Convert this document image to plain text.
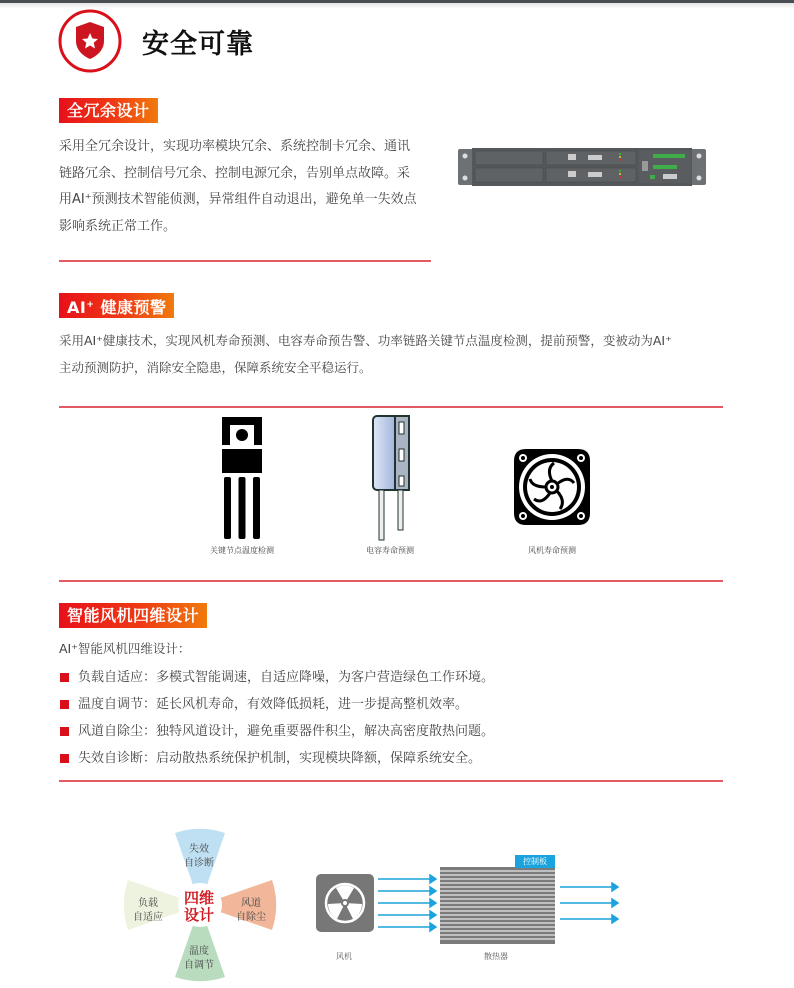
安全可靠
全冗余设计
采用全冗余设计，实现功率模块冗余、系统控制卡冗余、通讯
链路冗余、控制信号冗余、控制电源冗余，告别单点故障。采
用AI⁺预测技术智能侦测，异常组件自动退出，避免单一失效点
影响系统正常工作。
AI+ 健康预警
采用AI⁺健康技术，实现风机寿命预测、电容寿命预告警、功率链路关键节点温度检测，提前预警，变被动为AI⁺
主动预测防护，消除安全隐患，保障系统安全平稳运行。
关键节点温度检测	电容寿命预测	风机寿命预测
智能风机四维设计
AI⁺智能风机四维设计：
负载自适应：多模式智能调速，自适应降噪，为客户营造绿色工作环境。
温度自调节：延长风机寿命，有效降低损耗，进一步提高整机效率。
风道自除尘：独特风道设计，避免重要器件积尘，解决高密度散热问题。
失效自诊断：启动散热系统保护机制，实现模块降额，保障系统安全。
失效
自诊断
风道
自除尘
温度
自调节
负载
自适应
四维
设计
风机
控制板
散热器
